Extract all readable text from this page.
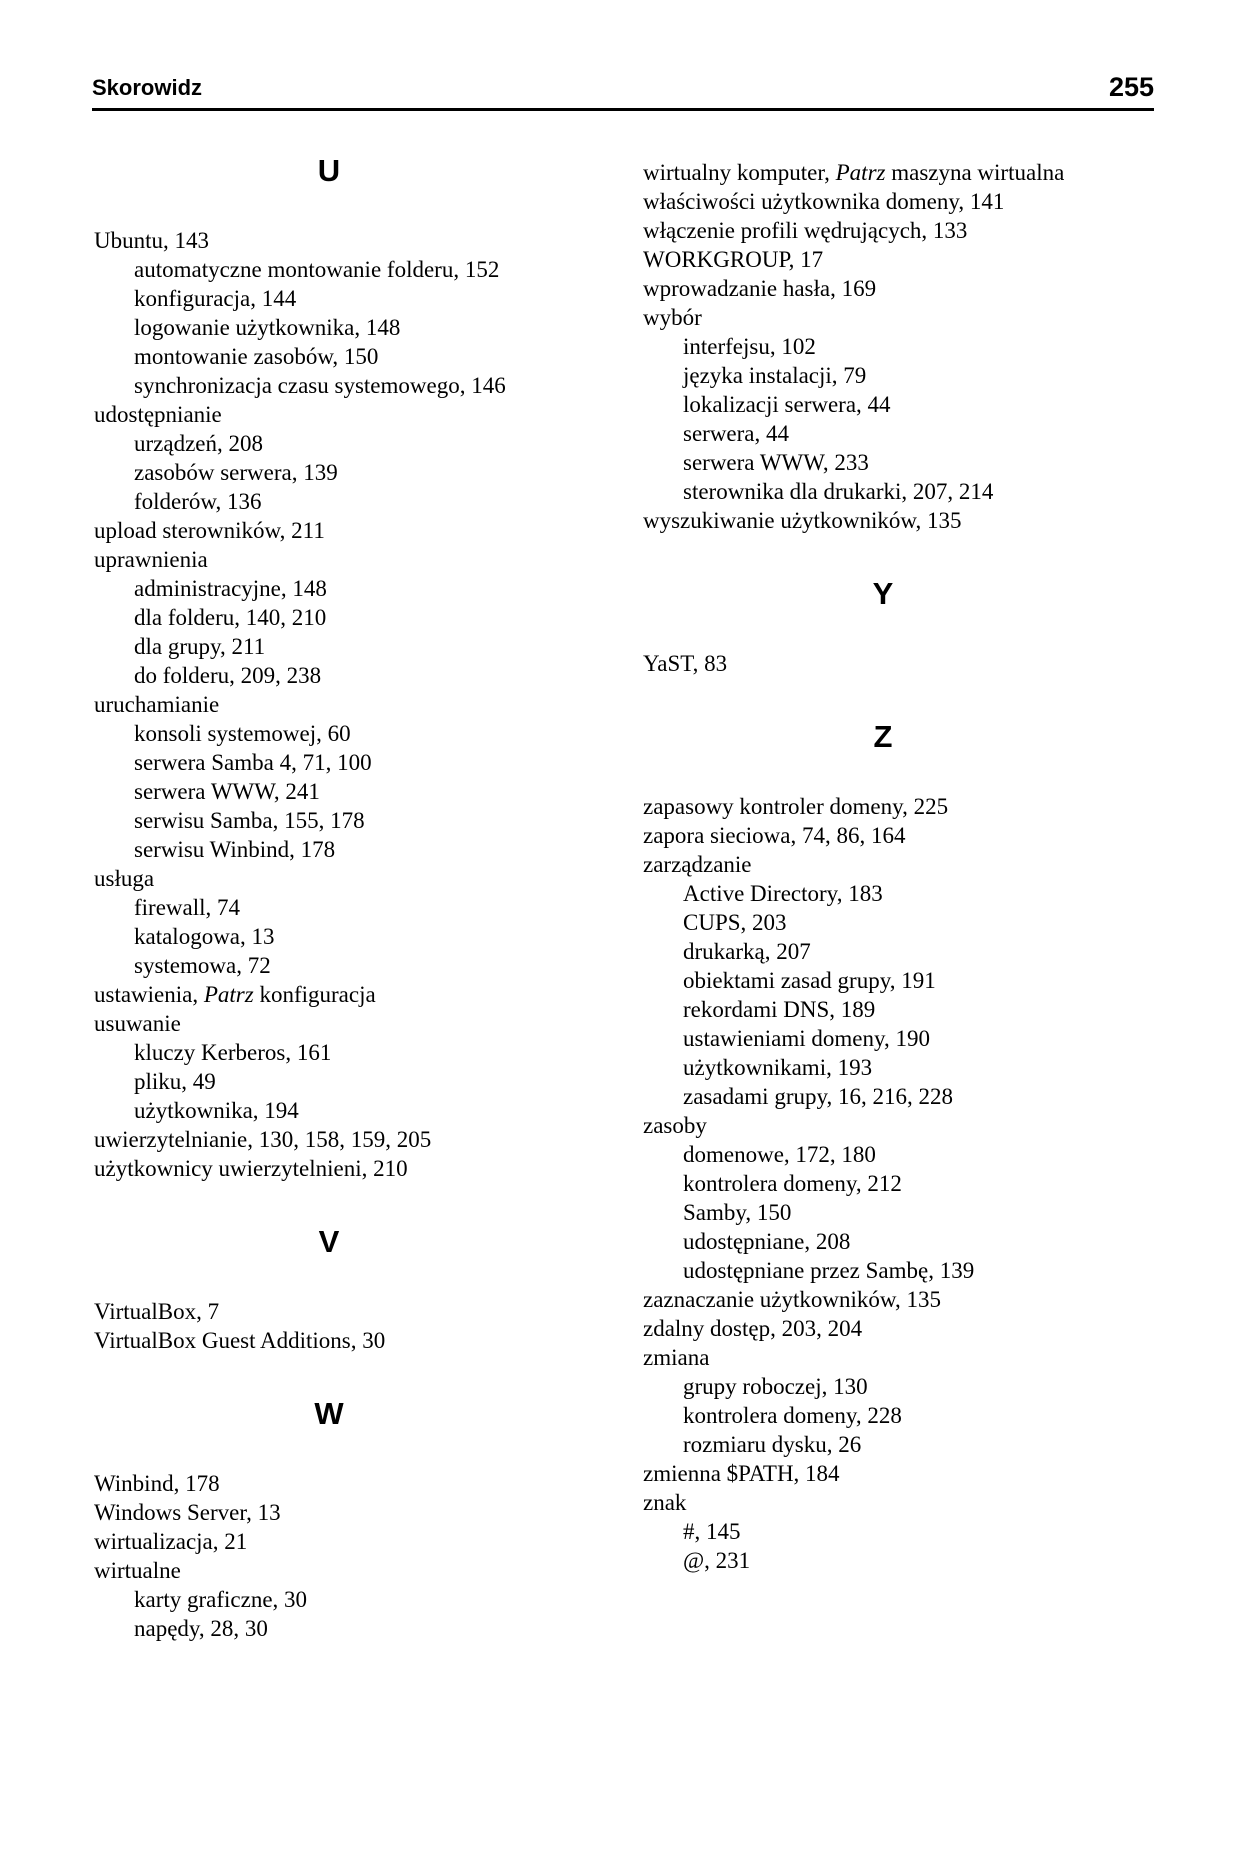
Skorowidz	255
U
Ubuntu, 143
automatyczne montowanie folderu, 152
konfiguracja, 144
logowanie użytkownika, 148
montowanie zasobów, 150
synchronizacja czasu systemowego, 146
udostępnianie
urządzeń, 208
zasobów serwera, 139
folderów, 136
upload sterowników, 211
uprawnienia
administracyjne, 148
dla folderu, 140, 210
dla grupy, 211
do folderu, 209, 238
uruchamianie
konsoli systemowej, 60
serwera Samba 4, 71, 100
serwera WWW, 241
serwisu Samba, 155, 178
serwisu Winbind, 178
usługa
firewall, 74
katalogowa, 13
systemowa, 72
ustawienia, Patrz konfiguracja
usuwanie
kluczy Kerberos, 161
pliku, 49
użytkownika, 194
uwierzytelnianie, 130, 158, 159, 205
użytkownicy uwierzytelnieni, 210
V
VirtualBox, 7
VirtualBox Guest Additions, 30
W
Winbind, 178
Windows Server, 13
wirtualizacja, 21
wirtualne
karty graficzne, 30
napędy, 28, 30
wirtualny komputer, Patrz maszyna wirtualna
właściwości użytkownika domeny, 141
włączenie profili wędrujących, 133
WORKGROUP, 17
wprowadzanie hasła, 169
wybór
interfejsu, 102
języka instalacji, 79
lokalizacji serwera, 44
serwera, 44
serwera WWW, 233
sterownika dla drukarki, 207, 214
wyszukiwanie użytkowników, 135
Y
YaST, 83
Z
zapasowy kontroler domeny, 225
zapora sieciowa, 74, 86, 164
zarządzanie
Active Directory, 183
CUPS, 203
drukarką, 207
obiektami zasad grupy, 191
rekordami DNS, 189
ustawieniami domeny, 190
użytkownikami, 193
zasadami grupy, 16, 216, 228
zasoby
domenowe, 172, 180
kontrolera domeny, 212
Samby, 150
udostępniane, 208
udostępniane przez Sambę, 139
zaznaczanie użytkowników, 135
zdalny dostęp, 203, 204
zmiana
grupy roboczej, 130
kontrolera domeny, 228
rozmiaru dysku, 26
zmienna $PATH, 184
znak
#, 145
@, 231
